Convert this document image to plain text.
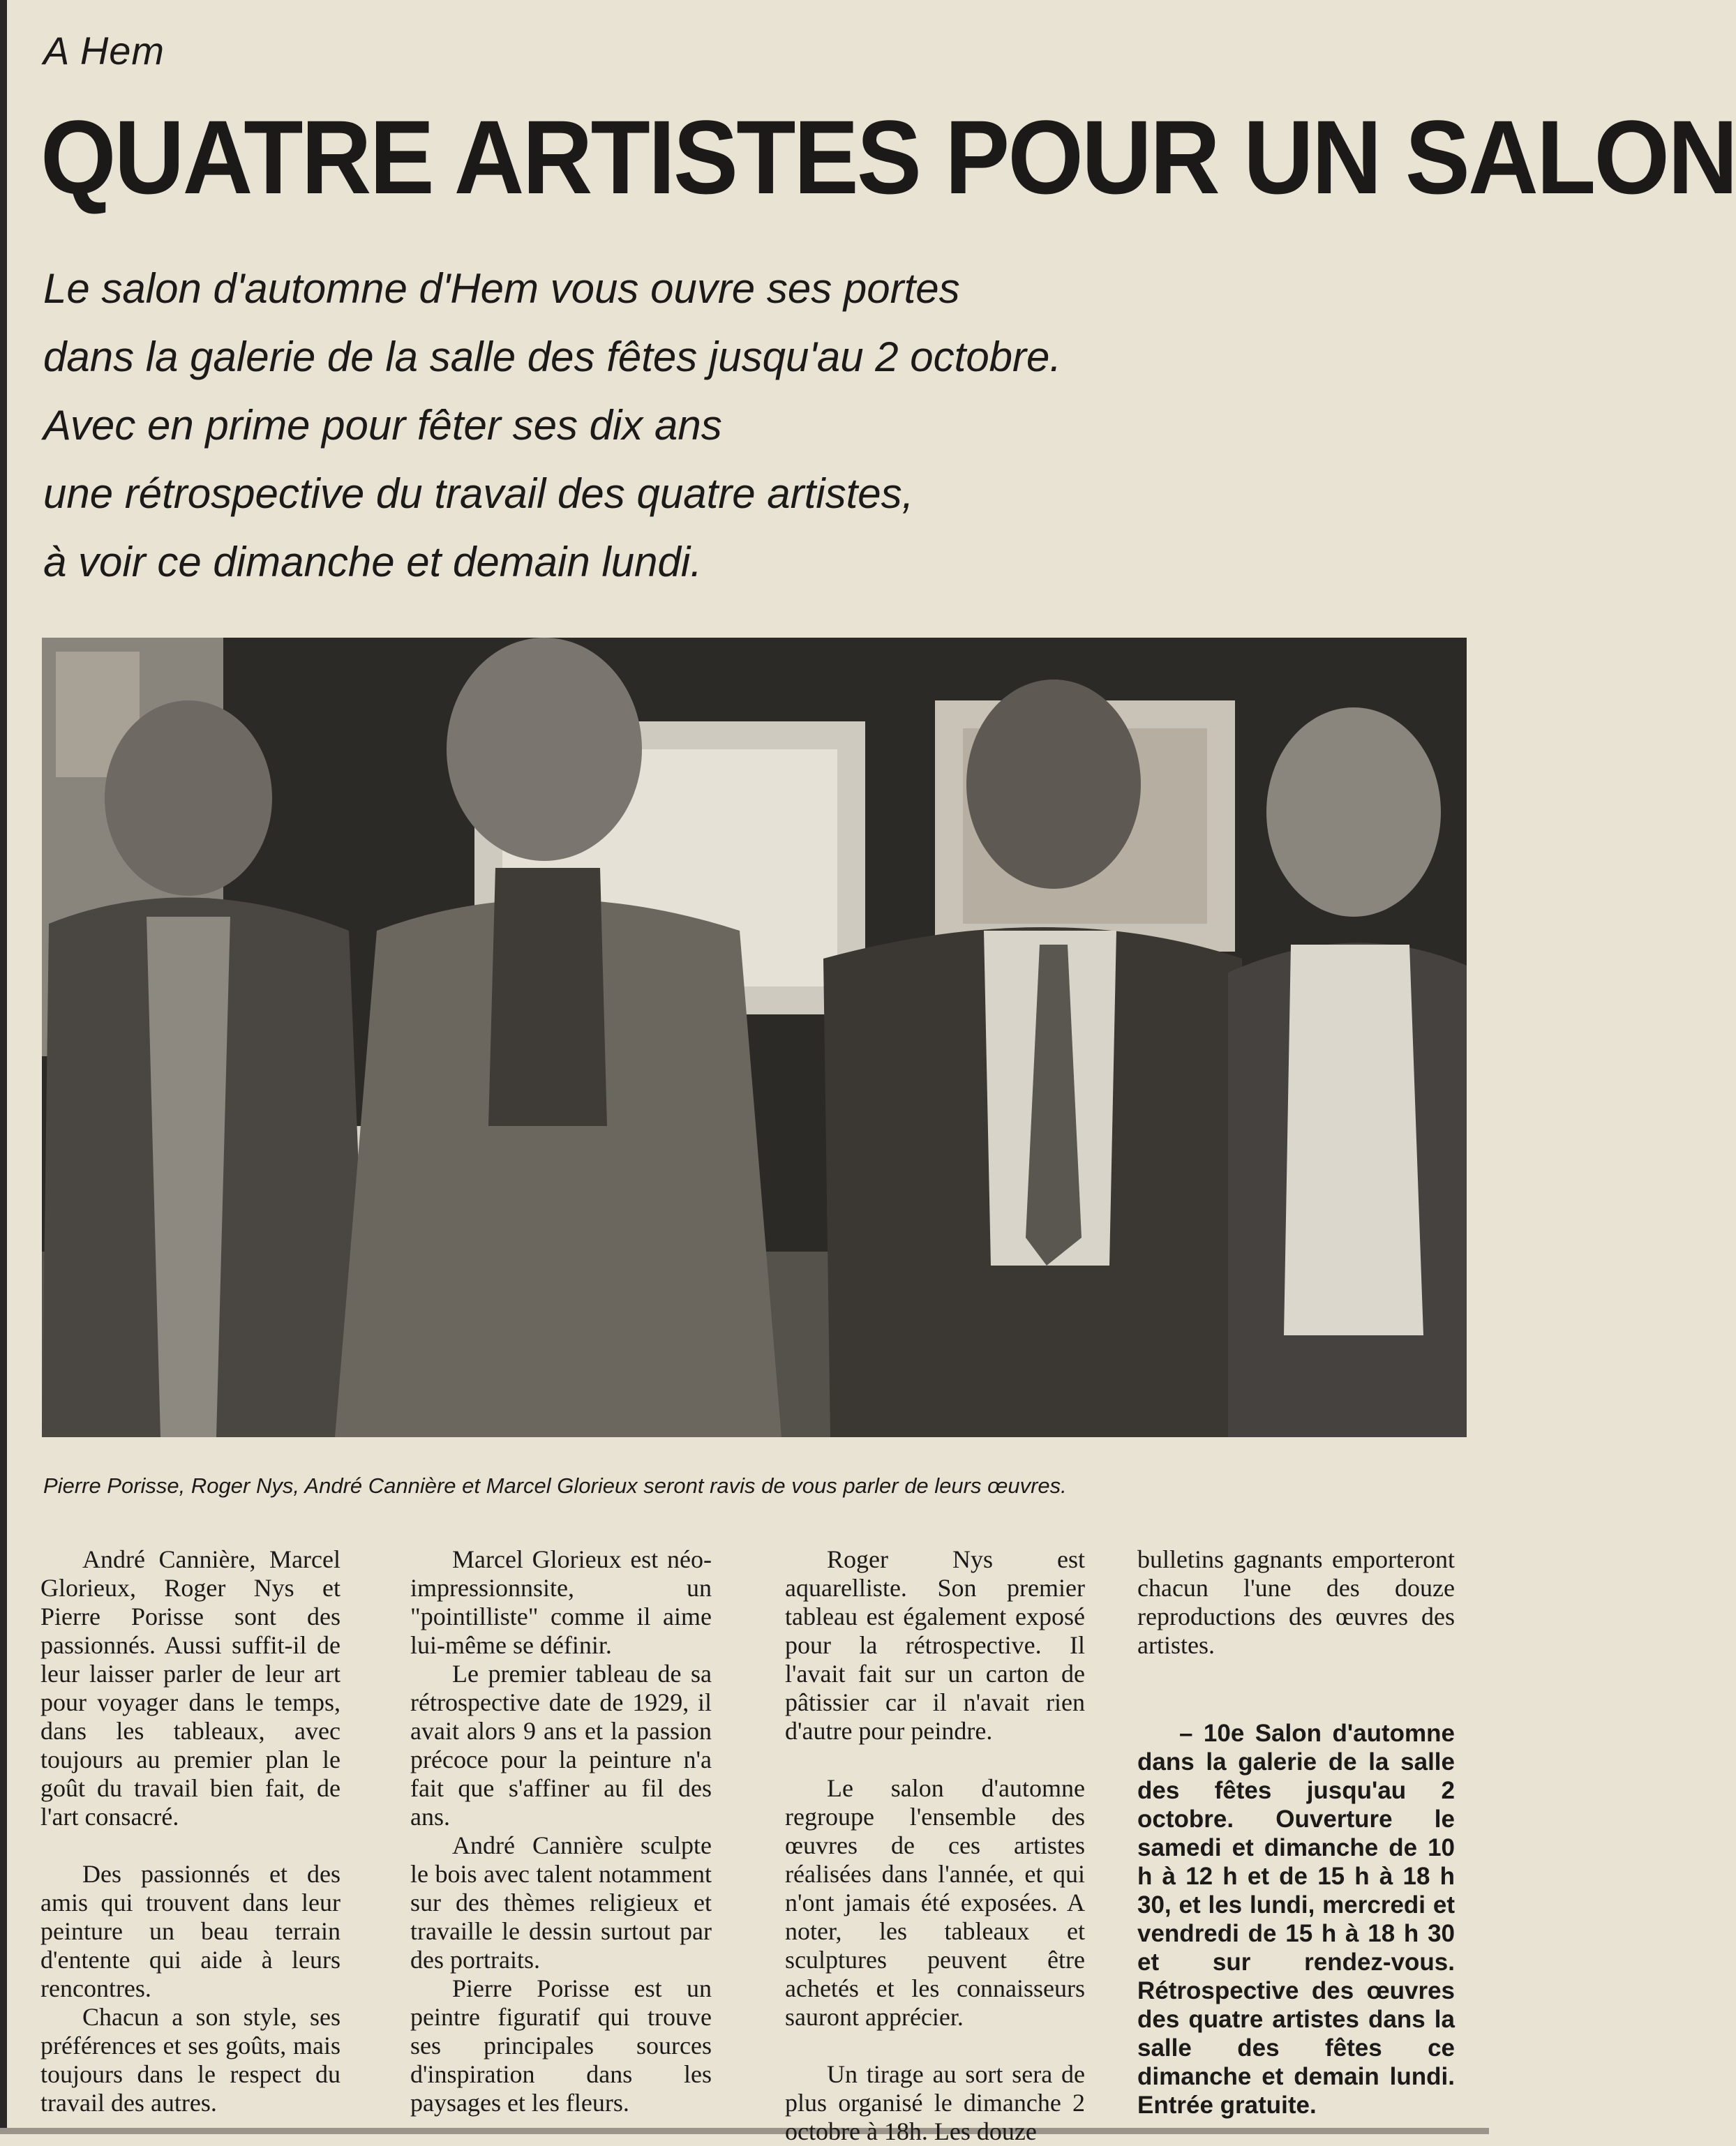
A Hem
QUATRE ARTISTES POUR UN SALON
Le salon d'automne d'Hem vous ouvre ses portes
dans la galerie de la salle des fêtes jusqu'au 2 octobre.
Avec en prime pour fêter ses dix ans
une rétrospective du travail des quatre artistes,
à voir ce dimanche et demain lundi.
Pierre Porisse, Roger Nys, André Cannière et Marcel Glorieux seront ravis de vous parler de leurs œuvres.

André Cannière, Marcel Glorieux, Roger Nys et Pierre Porisse sont des passionnés. Aussi suffit-il de leur laisser parler de leur art pour voyager dans le temps, dans les tableaux, avec toujours au premier plan le goût du travail bien fait, de l'art consacré.

Des passionnés et des amis qui trouvent dans leur peinture un beau terrain d'entente qui aide à leurs rencontres.

Chacun a son style, ses préférences et ses goûts, mais toujours dans le respect du travail des autres.

Marcel Glorieux est néo-impressionnsite, un "pointilliste" comme il aime lui-même se définir.

Le premier tableau de sa rétrospective date de 1929, il avait alors 9 ans et la passion précoce pour la peinture n'a fait que s'affiner au fil des ans.

André Cannière sculpte le bois avec talent notamment sur des thèmes religieux et travaille le dessin surtout par des portraits.

Pierre Porisse est un peintre figuratif qui trouve ses principales sources d'inspiration dans les paysages et les fleurs.

Roger Nys est aquarelliste. Son premier tableau est également exposé pour la rétrospective. Il l'avait fait sur un carton de pâtissier car il n'avait rien d'autre pour peindre.

Le salon d'automne regroupe l'ensemble des œuvres de ces artistes réalisées dans l'année, et qui n'ont jamais été exposées. A noter, les tableaux et sculptures peuvent être achetés et les connaisseurs sauront apprécier.

Un tirage au sort sera de plus organisé le dimanche 2 octobre à 18h. Les douze

bulletins gagnants emporteront chacun l'une des douze reproductions des œuvres des artistes.

– 10e Salon d'automne dans la galerie de la salle des fêtes jusqu'au 2 octobre. Ouverture le samedi et dimanche de 10 h à 12 h et de 15 h à 18 h 30, et les lundi, mercredi et vendredi de 15 h à 18 h 30 et sur rendez-vous. Rétrospective des œuvres des quatre artistes dans la salle des fêtes ce dimanche et demain lundi. Entrée gratuite.
